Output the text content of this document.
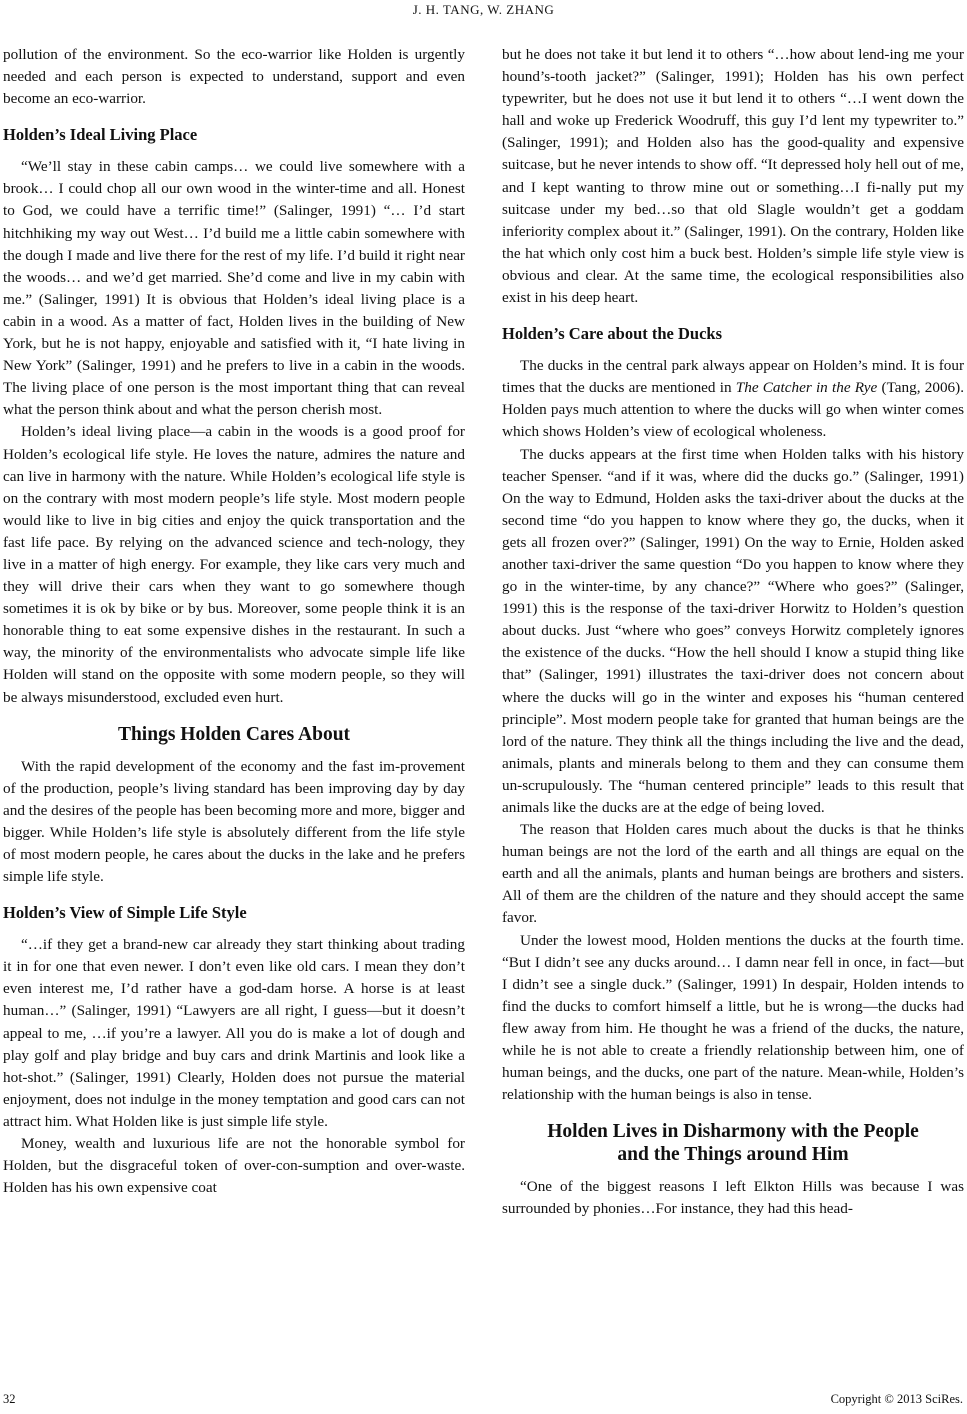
J. H. TANG, W. ZHANG

pollution of the environment. So the eco-warrior like Holden is urgently needed and each person is expected to understand, support and even become an eco-warrior.

Holden’s Ideal Living Place

“We’ll stay in these cabin camps… we could live somewhere with a brook… I could chop all our own wood in the winter-time and all. Honest to God, we could have a terrific time!” (Salinger, 1991) “… I’d start hitchhiking my way out West… I’d build me a little cabin somewhere with the dough I made and live there for the rest of my life. I’d build it right near the woods… and we’d get married. She’d come and live in my cabin with me.” (Salinger, 1991) It is obvious that Holden’s ideal living place is a cabin in a wood. As a matter of fact, Holden lives in the building of New York, but he is not happy, enjoyable and satisfied with it, “I hate living in New York” (Salinger, 1991) and he prefers to live in a cabin in the woods. The living place of one person is the most important thing that can reveal what the person think about and what the person cherish most.

Holden’s ideal living place—a cabin in the woods is a good proof for Holden’s ecological life style. He loves the nature, admires the nature and can live in harmony with the nature. While Holden’s ecological life style is on the contrary with most modern people’s life style. Most modern people would like to live in big cities and enjoy the quick transportation and the fast life pace. By relying on the advanced science and tech-nology, they live in a matter of high energy. For example, they like cars very much and they will drive their cars when they want to go somewhere though sometimes it is ok by bike or by bus. Moreover, some people think it is an honorable thing to eat some expensive dishes in the restaurant. In such a way, the minority of the environmentalists who advocate simple life like Holden will stand on the opposite with some modern people, so they will be always misunderstood, excluded even hurt.

Things Holden Cares About

With the rapid development of the economy and the fast im-provement of the production, people’s living standard has been improving day by day and the desires of the people has been becoming more and more, bigger and bigger. While Holden’s life style is absolutely different from the life style of most modern people, he cares about the ducks in the lake and he prefers simple life style.

Holden’s View of Simple Life Style

“…if they get a brand-new car already they start thinking about trading it in for one that even newer. I don’t even like old cars. I mean they don’t even interest me, I’d rather have a god-dam horse. A horse is at least human…” (Salinger, 1991) “Lawyers are all right, I guess—but it doesn’t appeal to me, …if you’re a lawyer. All you do is make a lot of dough and play golf and play bridge and buy cars and drink Martinis and look like a hot-shot.” (Salinger, 1991) Clearly, Holden does not pursue the material enjoyment, does not indulge in the money temptation and good cars can not attract him. What Holden like is just simple life style.

Money, wealth and luxurious life are not the honorable symbol for Holden, but the disgraceful token of over-con-sumption and over-waste. Holden has his own expensive coat

but he does not take it but lend it to others “…how about lend-ing me your hound’s-tooth jacket?” (Salinger, 1991); Holden has his own perfect typewriter, but he does not use it but lend it to others “…I went down the hall and woke up Frederick Woodruff, this guy I’d lent my typewriter to.” (Salinger, 1991); and Holden also has the good-quality and expensive suitcase, but he never intends to show off. “It depressed holy hell out of me, and I kept wanting to throw mine out or something…I fi-nally put my suitcase under my bed…so that old Slagle wouldn’t get a goddam inferiority complex about it.” (Salinger, 1991). On the contrary, Holden like the hat which only cost him a buck best. Holden’s simple life style view is obvious and clear. At the same time, the ecological responsibilities also exist in his deep heart.

Holden’s Care about the Ducks

The ducks in the central park always appear on Holden’s mind. It is four times that the ducks are mentioned in The Catcher in the Rye (Tang, 2006). Holden pays much attention to where the ducks will go when winter comes which shows Holden’s view of ecological wholeness.

The ducks appears at the first time when Holden talks with his history teacher Spenser. “and if it was, where did the ducks go.” (Salinger, 1991) On the way to Edmund, Holden asks the taxi-driver about the ducks at the second time “do you happen to know where they go, the ducks, when it gets all frozen over?” (Salinger, 1991) On the way to Ernie, Holden asked another taxi-driver the same question “Do you happen to know where they go in the winter-time, by any chance?” “Where who goes?” (Salinger, 1991) this is the response of the taxi-driver Horwitz to Holden’s question about ducks. Just “where who goes” conveys Horwitz completely ignores the existence of the ducks. “How the hell should I know a stupid thing like that” (Salinger, 1991) illustrates the taxi-driver does not concern about where the ducks will go in the winter and exposes his “human centered principle”. Most modern people take for granted that human beings are the lord of the nature. They think all the things including the live and the dead, animals, plants and minerals belong to them and they can consume them un-scrupulously. The “human centered principle” leads to this result that animals like the ducks are at the edge of being loved.

The reason that Holden cares much about the ducks is that he thinks human beings are not the lord of the earth and all things are equal on the earth and all the animals, plants and human beings are brothers and sisters. All of them are the children of the nature and they should accept the same favor.

Under the lowest mood, Holden mentions the ducks at the fourth time. “But I didn’t see any ducks around… I damn near fell in once, in fact—but I didn’t see a single duck.” (Salinger, 1991) In despair, Holden intends to find the ducks to comfort himself a little, but he is wrong—the ducks had flew away from him. He thought he was a friend of the ducks, the nature, while he is not able to create a friendly relationship between him, one of human beings, and the ducks, one part of the nature. Mean-while, Holden’s relationship with the human beings is also in tense.

Holden Lives in Disharmony with the People
and the Things around Him

“One of the biggest reasons I left Elkton Hills was because I was surrounded by phonies…For instance, they had this head-

32	Copyright © 2013 SciRes.
